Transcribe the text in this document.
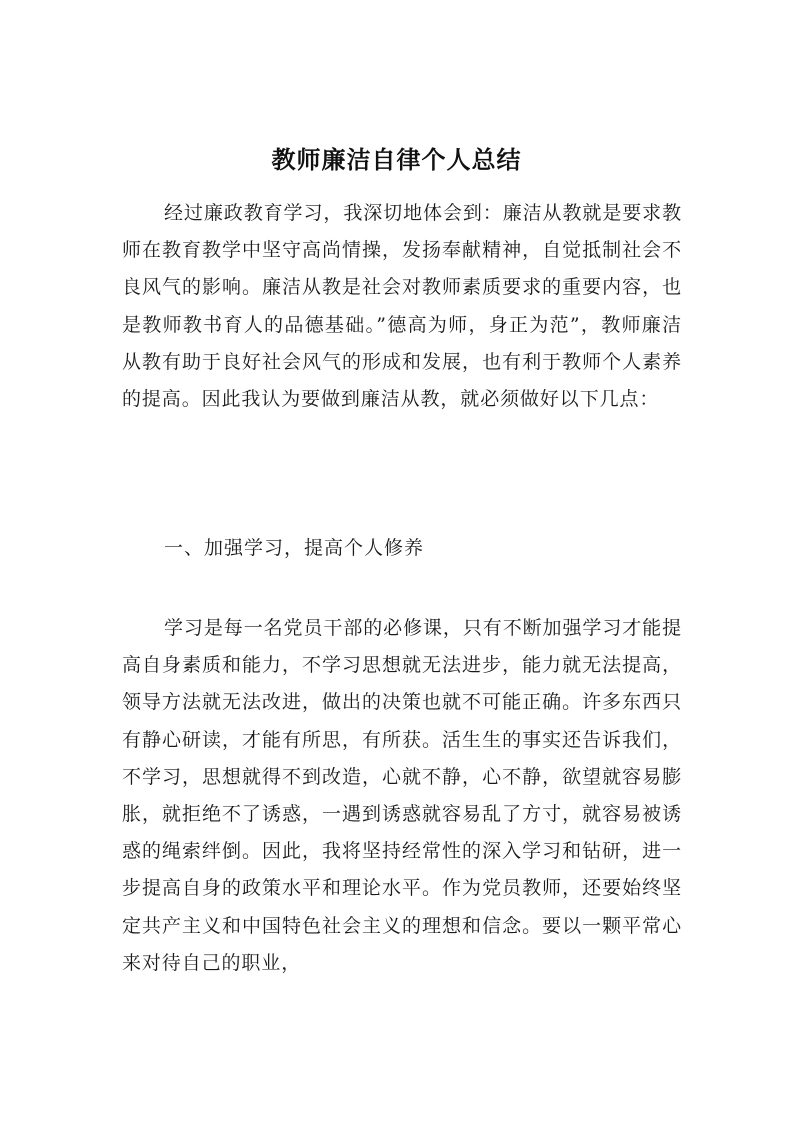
教师廉洁自律个人总结

经过廉政教育学习，我深切地体会到：廉洁从教就是要求教师在教育教学中坚守高尚情操，发扬奉献精神，自觉抵制社会不良风气的影响。廉洁从教是社会对教师素质要求的重要内容，也是教师教书育人的品德基础。”德高为师，身正为范”，教师廉洁从教有助于良好社会风气的形成和发展，也有利于教师个人素养的提高。因此我认为要做到廉洁从教，就必须做好以下几点：

一、加强学习，提高个人修养

学习是每一名党员干部的必修课，只有不断加强学习才能提高自身素质和能力，不学习思想就无法进步，能力就无法提高，领导方法就无法改进，做出的决策也就不可能正确。许多东西只有静心研读，才能有所思，有所获。活生生的事实还告诉我们，不学习，思想就得不到改造，心就不静，心不静，欲望就容易膨胀，就拒绝不了诱惑，一遇到诱惑就容易乱了方寸，就容易被诱惑的绳索绊倒。因此，我将坚持经常性的深入学习和钻研，进一步提高自身的政策水平和理论水平。作为党员教师，还要始终坚定共产主义和中国特色社会主义的理想和信念。要以一颗平常心来对待自己的职业，
